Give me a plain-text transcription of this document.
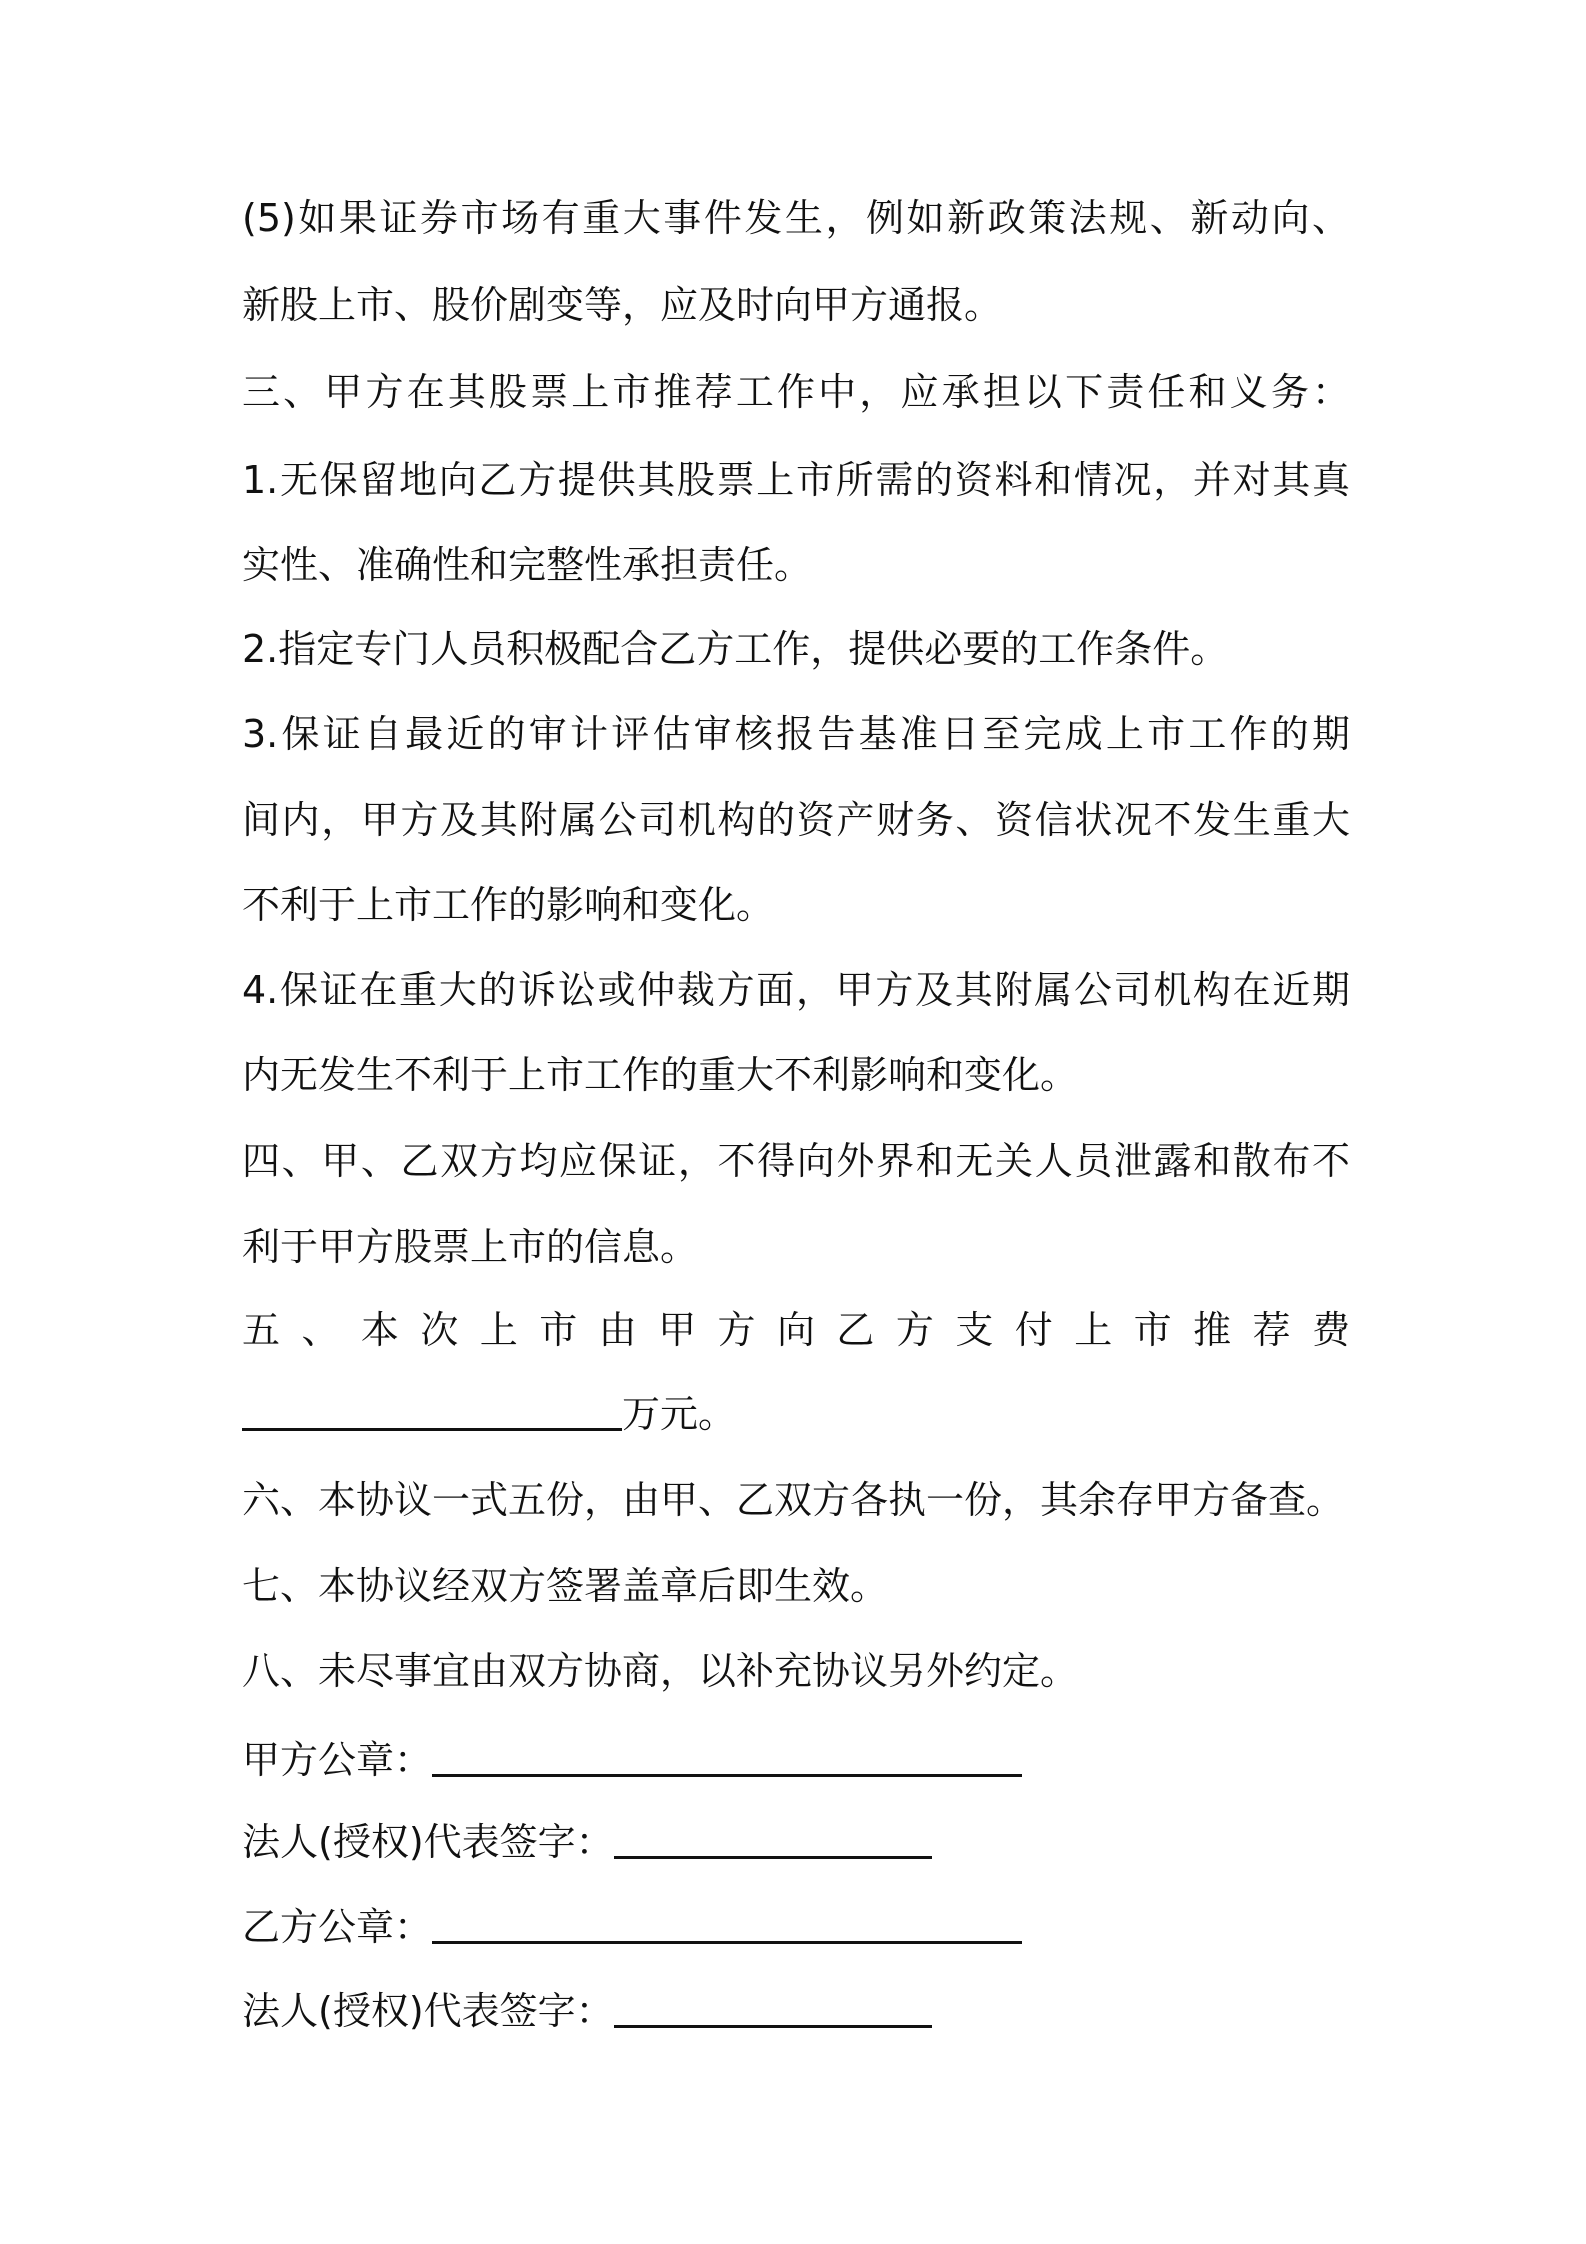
(5)如果证券市场有重大事件发生，例如新政策法规、新动向、
新股上市、股价剧变等，应及时向甲方通报。
三、甲方在其股票上市推荐工作中，应承担以下责任和义务：
1.无保留地向乙方提供其股票上市所需的资料和情况，并对其真
实性、准确性和完整性承担责任。
2.指定专门人员积极配合乙方工作，提供必要的工作条件。
3.保证自最近的审计评估审核报告基准日至完成上市工作的期
间内，甲方及其附属公司机构的资产财务、资信状况不发生重大
不利于上市工作的影响和变化。
4.保证在重大的诉讼或仲裁方面，甲方及其附属公司机构在近期
内无发生不利于上市工作的重大不利影响和变化。
四、甲、乙双方均应保证，不得向外界和无关人员泄露和散布不
利于甲方股票上市的信息。
五、本次上市由甲方向乙方支付上市推荐费
万元。
六、本协议一式五份，由甲、乙双方各执一份，其余存甲方备查。
七、本协议经双方签署盖章后即生效。
八、未尽事宜由双方协商，以补充协议另外约定。
甲方公章：
法人(授权)代表签字：
乙方公章：
法人(授权)代表签字：
